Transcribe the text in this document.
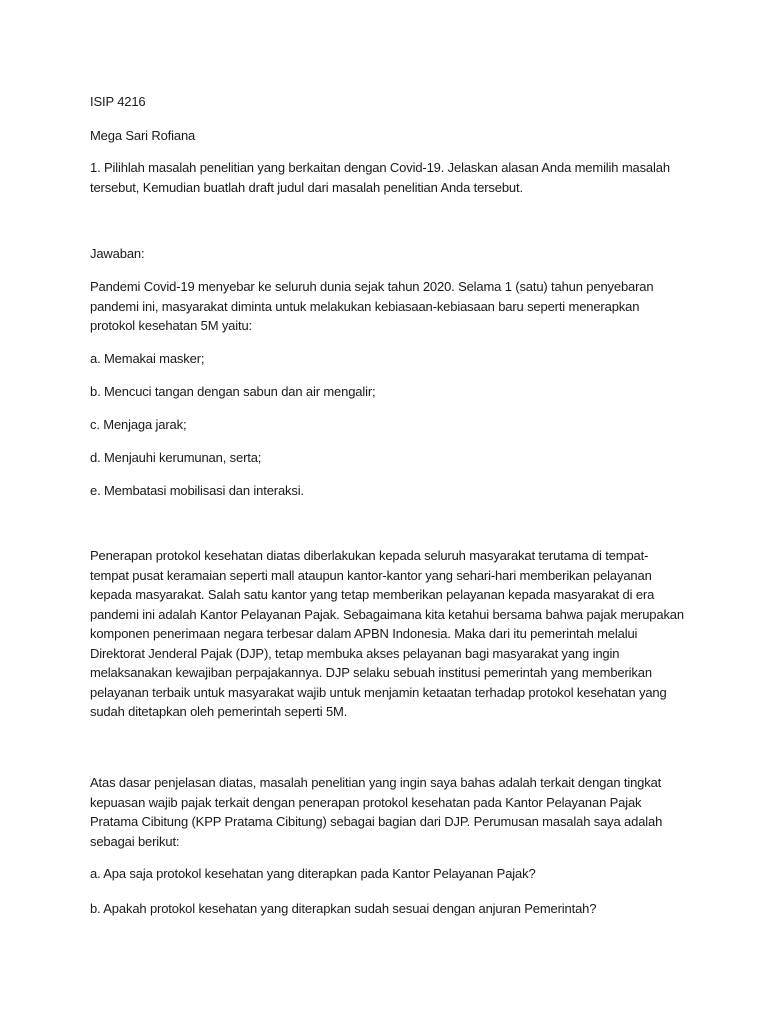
ISIP 4216
Mega Sari Rofiana
1. Pilihlah masalah penelitian yang berkaitan dengan Covid-19. Jelaskan alasan Anda memilih masalah
tersebut, Kemudian buatlah draft judul dari masalah penelitian Anda tersebut.
Jawaban:
Pandemi Covid-19 menyebar ke seluruh dunia sejak tahun 2020. Selama 1 (satu) tahun penyebaran
pandemi ini, masyarakat diminta untuk melakukan kebiasaan-kebiasaan baru seperti menerapkan
protokol kesehatan 5M yaitu:
a. Memakai masker;
b. Mencuci tangan dengan sabun dan air mengalir;
c. Menjaga jarak;
d. Menjauhi kerumunan, serta;
e. Membatasi mobilisasi dan interaksi.
Penerapan protokol kesehatan diatas diberlakukan kepada seluruh masyarakat terutama di tempat-
tempat pusat keramaian seperti mall ataupun kantor-kantor yang sehari-hari memberikan pelayanan
kepada masyarakat. Salah satu kantor yang tetap memberikan pelayanan kepada masyarakat di era
pandemi ini adalah Kantor Pelayanan Pajak. Sebagaimana kita ketahui bersama bahwa pajak merupakan
komponen penerimaan negara terbesar dalam APBN Indonesia. Maka dari itu pemerintah melalui
Direktorat Jenderal Pajak (DJP), tetap membuka akses pelayanan bagi masyarakat yang ingin
melaksanakan kewajiban perpajakannya. DJP selaku sebuah institusi pemerintah yang memberikan
pelayanan terbaik untuk masyarakat wajib untuk menjamin ketaatan terhadap protokol kesehatan yang
sudah ditetapkan oleh pemerintah seperti 5M.
Atas dasar penjelasan diatas, masalah penelitian yang ingin saya bahas adalah terkait dengan tingkat
kepuasan wajib pajak terkait dengan penerapan protokol kesehatan pada Kantor Pelayanan Pajak
Pratama Cibitung (KPP Pratama Cibitung) sebagai bagian dari DJP. Perumusan masalah saya adalah
sebagai berikut:
a. Apa saja protokol kesehatan yang diterapkan pada Kantor Pelayanan Pajak?
b. Apakah protokol kesehatan yang diterapkan sudah sesuai dengan anjuran Pemerintah?
